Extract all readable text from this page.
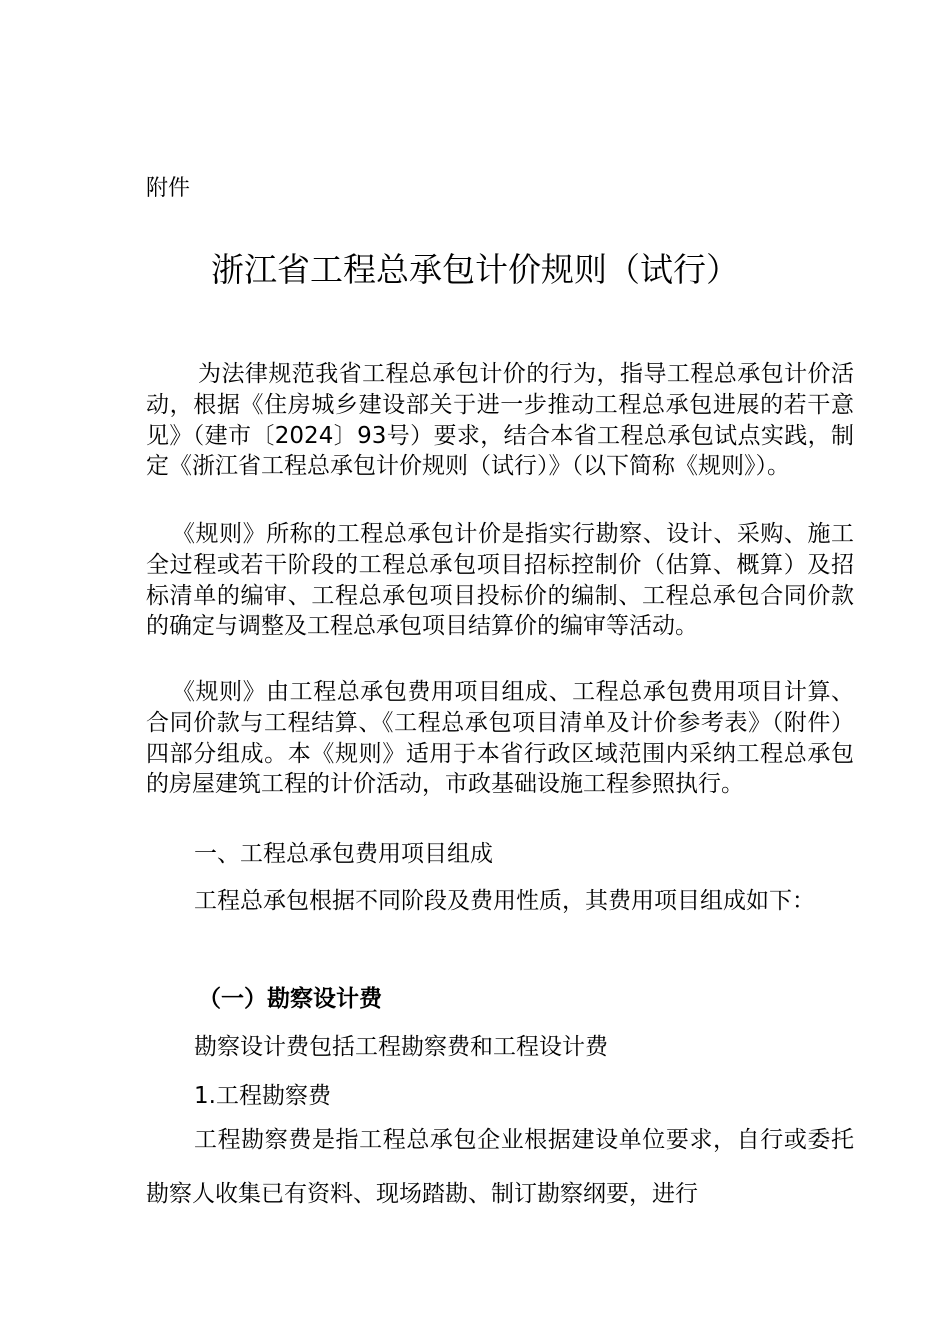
附件
浙江省工程总承包计价规则（试行）
为法律规范我省工程总承包计价的行为，指导工程总承包计价活动，根据《住房城乡建设部关于进一步推动工程总承包进展的若干意见》（建市〔2024〕93号）要求，结合本省工程总承包试点实践，制定《浙江省工程总承包计价规则（试行）》（以下简称《规则》）。
《规则》所称的工程总承包计价是指实行勘察、设计、采购、施工全过程或若干阶段的工程总承包项目招标控制价（估算、概算）及招标清单的编审、工程总承包项目投标价的编制、工程总承包合同价款的确定与调整及工程总承包项目结算价的编审等活动。
《规则》由工程总承包费用项目组成、工程总承包费用项目计算、合同价款与工程结算、《工程总承包项目清单及计价参考表》（附件）四部分组成。本《规则》适用于本省行政区域范围内采纳工程总承包的房屋建筑工程的计价活动，市政基础设施工程参照执行。
一、工程总承包费用项目组成
工程总承包根据不同阶段及费用性质，其费用项目组成如下：
（一）勘察设计费
勘察设计费包括工程勘察费和工程设计费
1.工程勘察费
工程勘察费是指工程总承包企业根据建设单位要求，自行或委托勘察人收集已有资料、现场踏勘、制订勘察纲要，进行
